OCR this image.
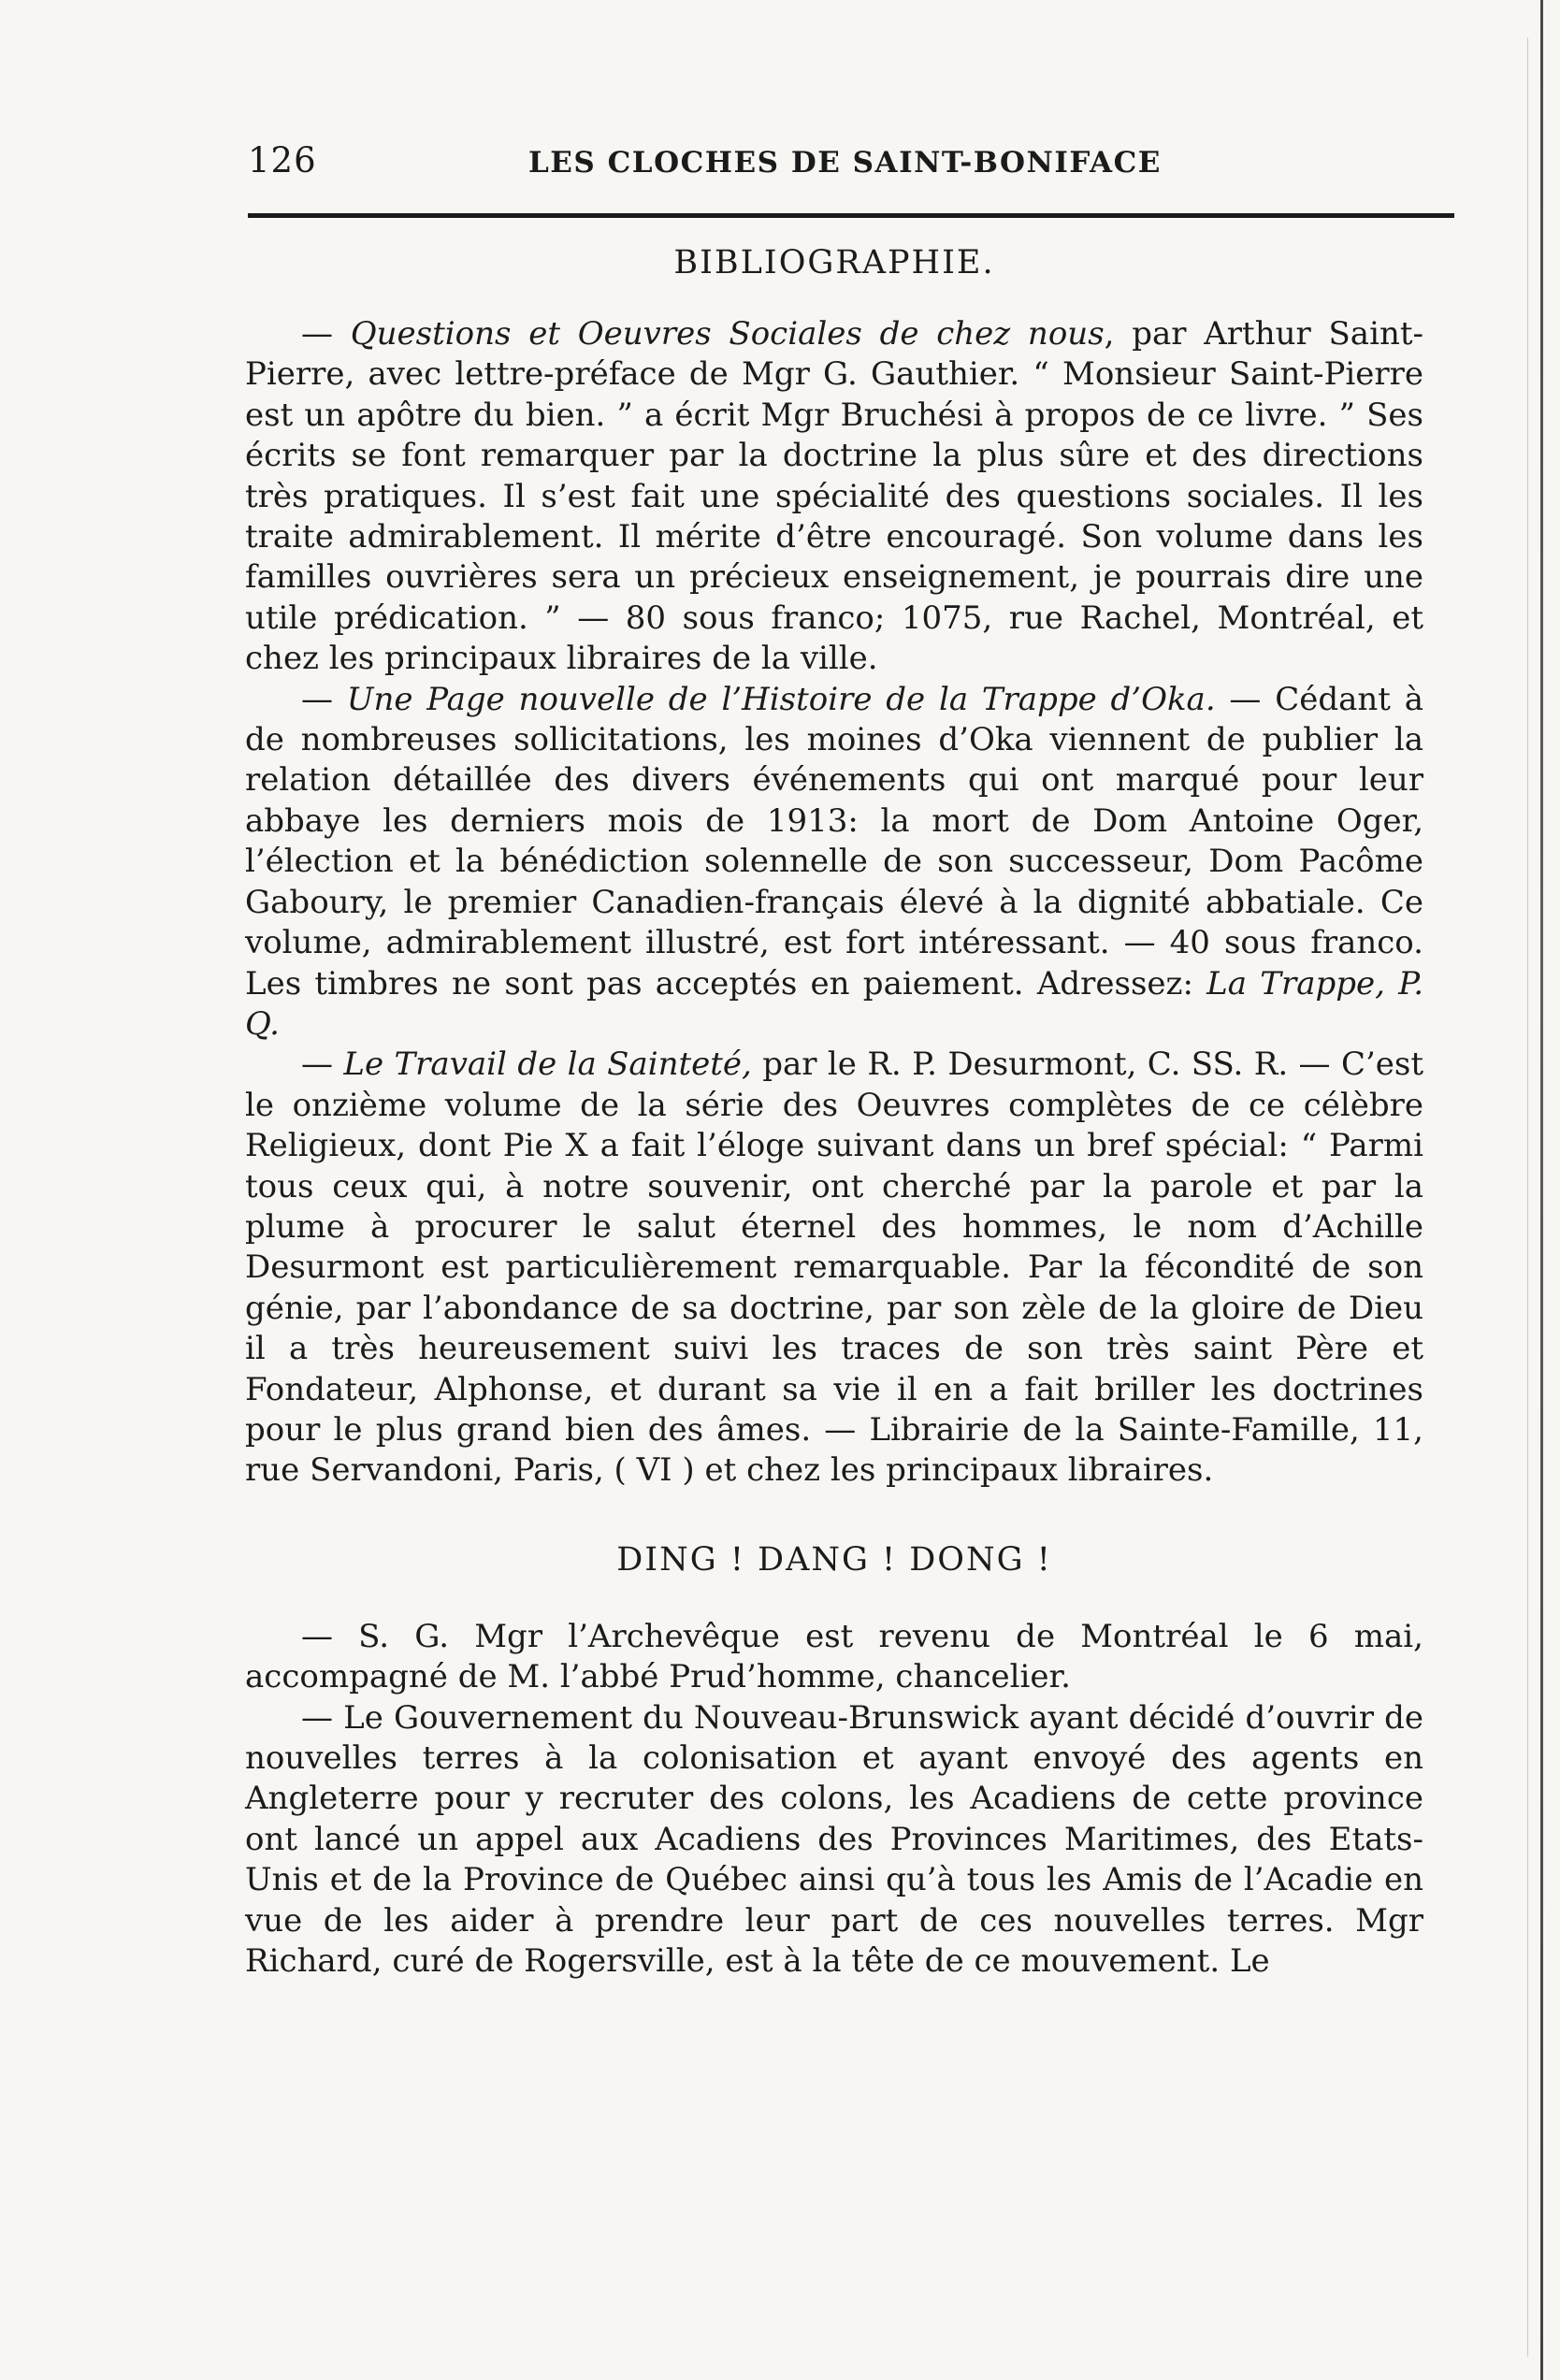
126	LES CLOCHES DE SAINT-BONIFACE
BIBLIOGRAPHIE.

— Questions et Oeuvres Sociales de chez nous, par Arthur Saint-Pierre, avec lettre-préface de Mgr G. Gauthier. “ Monsieur Saint-Pierre est un apôtre du bien. ” a écrit Mgr Bruchési à propos de ce livre. ” Ses écrits se font remarquer par la doctrine la plus sûre et des directions très pratiques. Il s’est fait une spécialité des questions sociales. Il les traite admirablement. Il mérite d’être encouragé. Son volume dans les familles ouvrières sera un précieux enseignement, je pourrais dire une utile prédication. ” — 80 sous franco; 1075, rue Rachel, Montréal, et chez les principaux libraires de la ville.

— Une Page nouvelle de l’Histoire de la Trappe d’Oka. — Cédant à de nombreuses sollicitations, les moines d’Oka viennent de publier la relation détaillée des divers événements qui ont marqué pour leur abbaye les derniers mois de 1913: la mort de Dom Antoine Oger, l’élection et la bénédiction solennelle de son successeur, Dom Pacôme Gaboury, le premier Canadien-français élevé à la dignité abbatiale. Ce volume, admirablement illustré, est fort intéressant. — 40 sous franco. Les timbres ne sont pas acceptés en paiement. Adressez: La Trappe, P. Q.

— Le Travail de la Sainteté, par le R. P. Desurmont, C. SS. R. — C’est le onzième volume de la série des Oeuvres complètes de ce célèbre Religieux, dont Pie X a fait l’éloge suivant dans un bref spécial: “ Parmi tous ceux qui, à notre souvenir, ont cherché par la parole et par la plume à procurer le salut éternel des hommes, le nom d’Achille Desurmont est particulièrement remarquable. Par la fécondité de son génie, par l’abondance de sa doctrine, par son zèle de la gloire de Dieu il a très heureusement suivi les traces de son très saint Père et Fondateur, Alphonse, et durant sa vie il en a fait briller les doctrines pour le plus grand bien des âmes. — Librairie de la Sainte-Famille, 11, rue Servandoni, Paris, ( VI ) et chez les principaux libraires.

DING ! DANG ! DONG !

— S. G. Mgr l’Archevêque est revenu de Montréal le 6 mai, accompagné de M. l’abbé Prud’homme, chancelier.

— Le Gouvernement du Nouveau-Brunswick ayant décidé d’ouvrir de nouvelles terres à la colonisation et ayant envoyé des agents en Angleterre pour y recruter des colons, les Acadiens de cette province ont lancé un appel aux Acadiens des Provinces Maritimes, des Etats-Unis et de la Province de Québec ainsi qu’à tous les Amis de l’Acadie en vue de les aider à prendre leur part de ces nouvelles terres. Mgr Richard, curé de Rogersville, est à la tête de ce mouvement. Le
